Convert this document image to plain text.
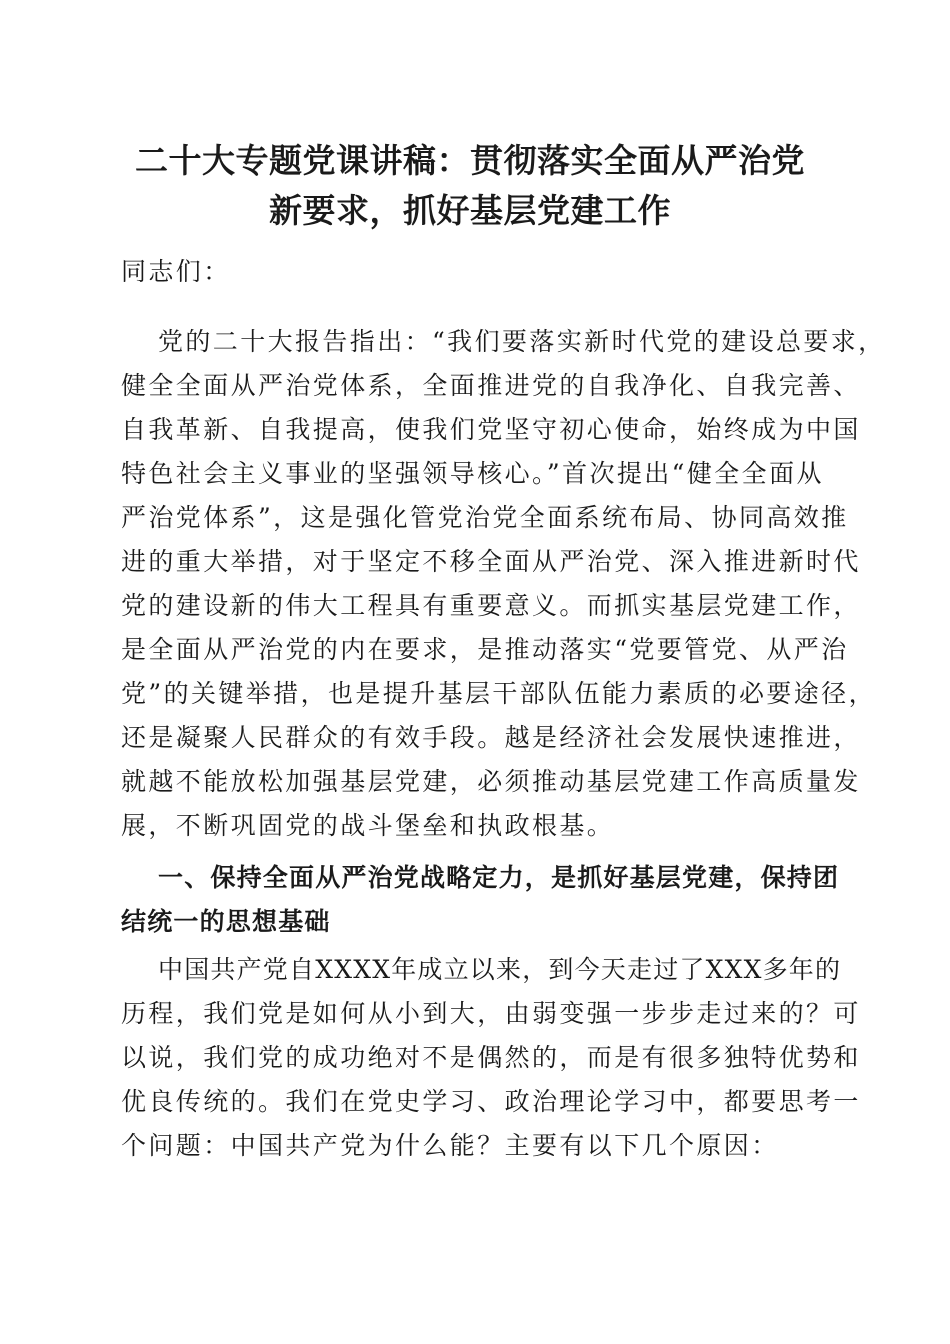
二十大专题党课讲稿：贯彻落实全面从严治党
新要求，抓好基层党建工作
同志们：
党的二十大报告指出：“我们要落实新时代党的建设总要求，
健全全面从严治党体系，全面推进党的自我净化、自我完善、
自我革新、自我提高，使我们党坚守初心使命，始终成为中国
特色社会主义事业的坚强领导核心。”首次提出“健全全面从
严治党体系”，这是强化管党治党全面系统布局、协同高效推
进的重大举措，对于坚定不移全面从严治党、深入推进新时代
党的建设新的伟大工程具有重要意义。而抓实基层党建工作，
是全面从严治党的内在要求，是推动落实“党要管党、从严治
党”的关键举措，也是提升基层干部队伍能力素质的必要途径，
还是凝聚人民群众的有效手段。越是经济社会发展快速推进，
就越不能放松加强基层党建，必须推动基层党建工作高质量发
展，不断巩固党的战斗堡垒和执政根基。
一、保持全面从严治党战略定力，是抓好基层党建，保持团
结统一的思想基础
中国共产党自XXXX年成立以来，到今天走过了XXX多年的
历程，我们党是如何从小到大，由弱变强一步步走过来的？可
以说，我们党的成功绝对不是偶然的，而是有很多独特优势和
优良传统的。我们在党史学习、政治理论学习中，都要思考一
个问题：中国共产党为什么能？主要有以下几个原因：
